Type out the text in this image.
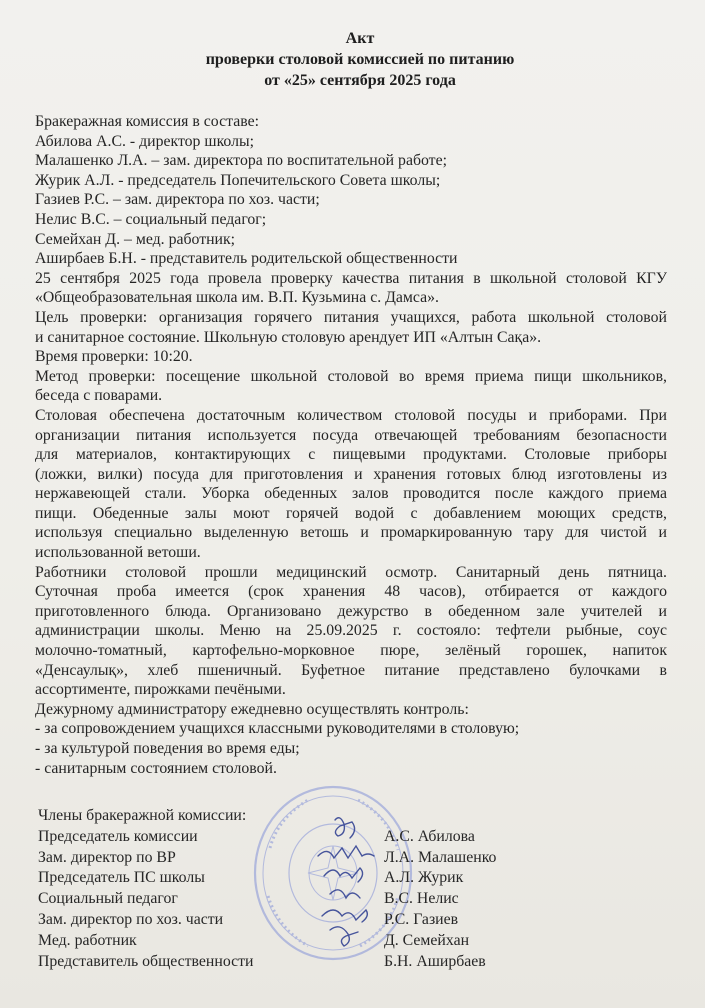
Акт
проверки столовой комиссией по питанию
от «25» сентября 2025 года
Бракеражная комиссия в составе:
Абилова А.С. - директор школы;
Малашенко Л.А. – зам. директора по воспитательной работе;
Журик А.Л. - председатель Попечительского Совета школы;
Газиев Р.С. – зам. директора по хоз. части;
Нелис В.С. – социальный педагог;
Семейхан Д. – мед. работник;
Аширбаев Б.Н. - представитель родительской общественности
25 сентября 2025 года провела проверку качества питания в школьной столовой КГУ
«Общеобразовательная школа им. В.П. Кузьмина с. Дамса».
Цель проверки: организация горячего питания учащихся, работа школьной столовой
и санитарное состояние. Школьную столовую арендует ИП «Алтын Сақа».
Время проверки: 10:20.
Метод проверки: посещение школьной столовой во время приема пищи школьников,
беседа с поварами.
Столовая обеспечена достаточным количеством столовой посуды и приборами. При
организации питания используется посуда отвечающей требованиям безопасности
для материалов, контактирующих с пищевыми продуктами. Столовые приборы
(ложки, вилки) посуда для приготовления и хранения готовых блюд изготовлены из
нержавеющей стали. Уборка обеденных залов проводится после каждого приема
пищи. Обеденные залы моют горячей водой с добавлением моющих средств,
используя специально выделенную ветошь и промаркированную тару для чистой и
использованной ветоши.
Работники столовой прошли медицинский осмотр. Санитарный день пятница.
Суточная проба имеется (срок хранения 48 часов), отбирается от каждого
приготовленного блюда. Организовано дежурство в обеденном зале учителей и
администрации школы. Меню на 25.09.2025 г. состояло: тефтели рыбные, соус
молочно-томатный, картофельно-морковное пюре, зелёный горошек, напиток
«Денсаулық», хлеб пшеничный. Буфетное питание представлено булочками в
ассортименте, пирожками печёными.
Дежурному администратору ежедневно осуществлять контроль:
- за сопровождением учащихся классными руководителями в столовую;
- за культурой поведения во время еды;
- санитарным состоянием столовой.
Члены бракеражной комиссии:
Председатель комиссии	А.С. Абилова
Зам. директор по ВР	Л.А. Малашенко
Председатель ПС школы	А.Л. Журик
Социальный педагог	В.С. Нелис
Зам. директор по хоз. части	Р.С. Газиев
Мед. работник	Д. Семейхан
Представитель общественности	Б.Н. Аширбаев
